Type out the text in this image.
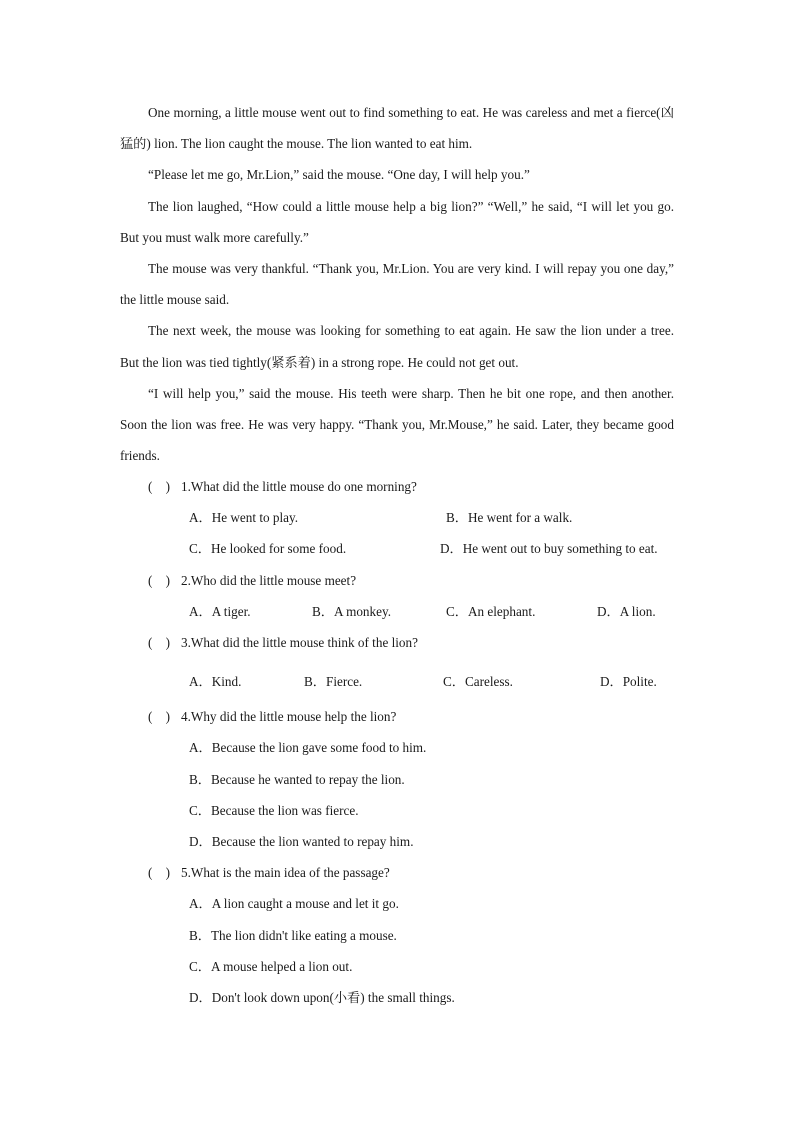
One morning, a little mouse went out to find something to eat. He was careless and met a fierce(凶猛的) lion. The lion caught the mouse. The lion wanted to eat him.

“Please let me go, Mr.Lion,” said the mouse. “One day, I will help you.”

The lion laughed, “How could a little mouse help a big lion?” “Well,” he said, “I will let you go. But you must walk more carefully.”

The mouse was very thankful. “Thank you, Mr.Lion. You are very kind. I will repay you one day,” the little mouse said.

The next week, the mouse was looking for something to eat again. He saw the lion under a tree. But the lion was tied tightly(紧系着) in a strong rope. He could not get out.

“I will help you,” said the mouse. His teeth were sharp. Then he bit one rope, and then another. Soon the lion was free. He was very happy. “Thank you, Mr.Mouse,” he said. Later, they became good friends.

(    ) 1.What did the little mouse do one morning?
A．He went to play.	B．He went for a walk.
C．He looked for some food.	D．He went out to buy something to eat.
(    ) 2.Who did the little mouse meet?
A．A tiger.	B．A monkey.	C．An elephant.	D．A lion.
(    ) 3.What did the little mouse think of the lion?
A．Kind.	B．Fierce.	C．Careless.	D．Polite.
(    ) 4.Why did the little mouse help the lion?
A．Because the lion gave some food to him.
B．Because he wanted to repay the lion.
C．Because the lion was fierce.
D．Because the lion wanted to repay him.
(    ) 5.What is the main idea of the passage?
A．A lion caught a mouse and let it go.
B．The lion didn't like eating a mouse.
C．A mouse helped a lion out.
D．Don't look down upon(小看) the small things.
